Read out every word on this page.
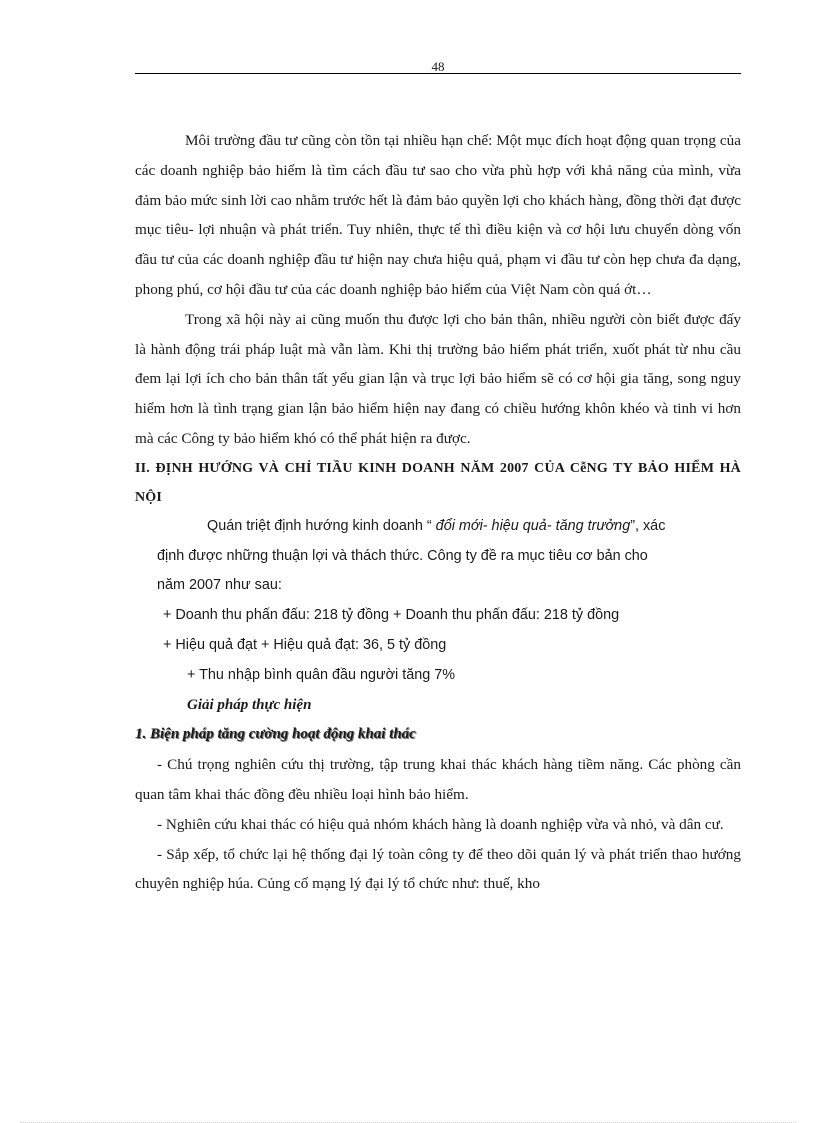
48

Môi trường đầu tư cũng còn tồn tại nhiều hạn chế: Một mục đích hoạt động quan trọng của các doanh nghiệp bảo hiểm là tìm cách đầu tư sao cho vừa phù hợp với khả năng của mình, vừa đảm bảo mức sinh lời cao nhằm trước hết là đảm bảo quyền lợi cho khách hàng, đồng thời đạt được mục tiêu- lợi nhuận và phát triển. Tuy nhiên, thực tế thì điều kiện và cơ hội lưu chuyển dòng vốn đầu tư của các doanh nghiệp đầu tư hiện nay chưa hiệu quả, phạm vi đầu tư còn hẹp chưa đa dạng, phong phú, cơ hội đầu tư của các doanh nghiệp bảo hiểm của Việt Nam còn quá ớt…

Trong xã hội này ai cũng muốn thu được lợi cho bản thân, nhiều người còn biết được đấy là hành động trái pháp luật mà vẫn làm. Khi thị trường bảo hiểm phát triển, xuốt phát từ nhu cầu đem lại lợi ích cho bản thân tất yếu gian lận và trục lợi bảo hiểm sẽ có cơ hội gia tăng, song nguy hiểm hơn là tình trạng gian lận bảo hiểm hiện nay đang có chiều hướng khôn khéo và tinh vi hơn mà các Công ty bảo hiểm khó có thể phát hiện ra được.

II. ĐỊNH HƯỚNG VÀ CHỈ TIẦU KINH DOANH NĂM 2007 CỦA CễNG TY BẢO HIỂM HÀ NỘI

Quán triệt định hướng kinh doanh “ đổi mới- hiệu quả- tăng trưởng”, xác

định được những thuận lợi và thách thức. Công ty đề ra mục tiêu cơ bản cho

năm 2007 như sau:

+ Doanh thu phấn đấu: 218 tỷ đồng + Doanh thu phấn đấu: 218 tỷ đồng

+ Hiệu quả đạt + Hiệu quả đạt: 36, 5 tỷ đồng

+ Thu nhập bình quân đầu người tăng 7%

Giải pháp thực hiện

1. Biện pháp tăng cường hoạt động khai thác

- Chú trọng nghiên cứu thị trường, tập trung khai thác khách hàng tiềm năng. Các phòng cần quan tâm khai thác đồng đều nhiều loại hình bảo hiểm.

- Nghiên cứu khai thác có hiệu quả nhóm khách hàng là doanh nghiệp vừa và nhỏ, và dân cư.

- Sắp xếp, tổ chức lại hệ thống đại lý toàn công ty để theo dõi quản lý và phát triển thao hướng chuyên nghiệp húa. Củng cố mạng lý đại lý tổ chức như: thuế, kho
